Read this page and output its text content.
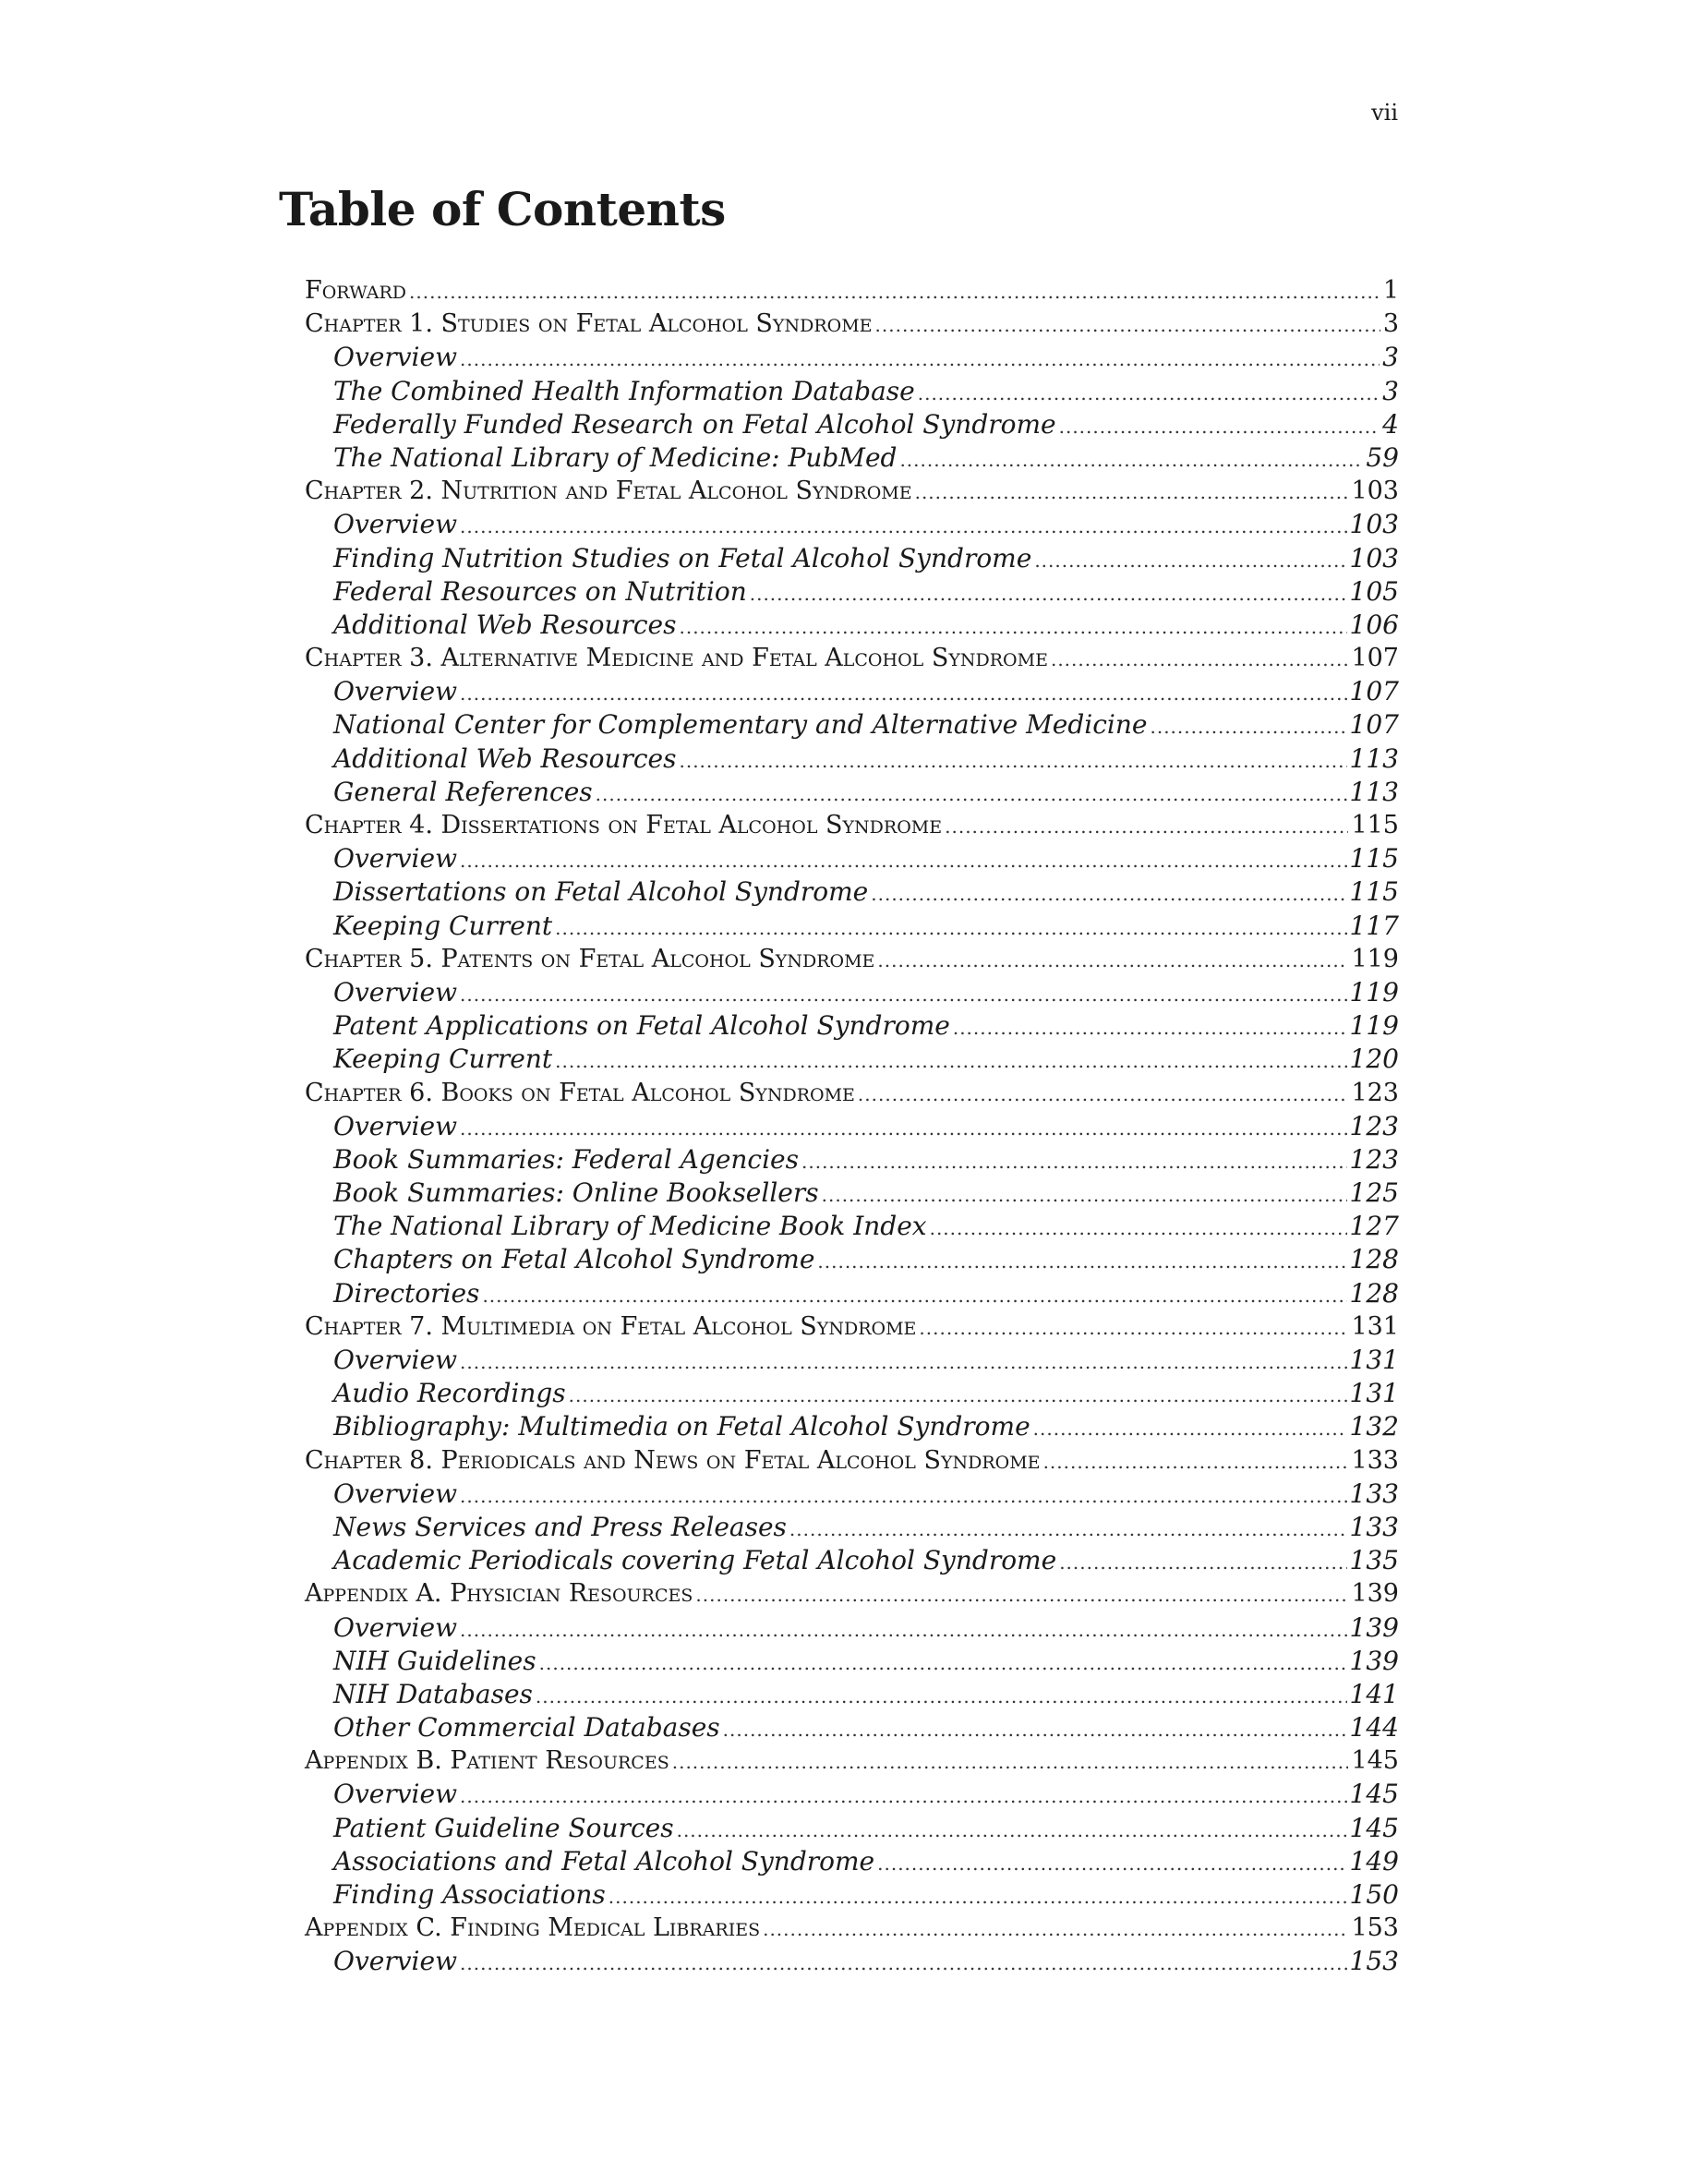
vii
Table of Contents
Forward .....	1
Chapter 1. Studies on Fetal Alcohol Syndrome .....	3
Overview .....	3
The Combined Health Information Database .....	3
Federally Funded Research on Fetal Alcohol Syndrome .....	4
The National Library of Medicine: PubMed .....	59
Chapter 2. Nutrition and Fetal Alcohol Syndrome .....	103
Overview .....	103
Finding Nutrition Studies on Fetal Alcohol Syndrome .....	103
Federal Resources on Nutrition .....	105
Additional Web Resources .....	106
Chapter 3. Alternative Medicine and Fetal Alcohol Syndrome .....	107
Overview .....	107
National Center for Complementary and Alternative Medicine .....	107
Additional Web Resources .....	113
General References .....	113
Chapter 4. Dissertations on Fetal Alcohol Syndrome .....	115
Overview .....	115
Dissertations on Fetal Alcohol Syndrome .....	115
Keeping Current .....	117
Chapter 5. Patents on Fetal Alcohol Syndrome .....	119
Overview .....	119
Patent Applications on Fetal Alcohol Syndrome .....	119
Keeping Current .....	120
Chapter 6. Books on Fetal Alcohol Syndrome .....	123
Overview .....	123
Book Summaries: Federal Agencies .....	123
Book Summaries: Online Booksellers .....	125
The National Library of Medicine Book Index .....	127
Chapters on Fetal Alcohol Syndrome .....	128
Directories .....	128
Chapter 7. Multimedia on Fetal Alcohol Syndrome .....	131
Overview .....	131
Audio Recordings .....	131
Bibliography: Multimedia on Fetal Alcohol Syndrome .....	132
Chapter 8. Periodicals and News on Fetal Alcohol Syndrome .....	133
Overview .....	133
News Services and Press Releases .....	133
Academic Periodicals covering Fetal Alcohol Syndrome .....	135
Appendix A. Physician Resources .....	139
Overview .....	139
NIH Guidelines .....	139
NIH Databases .....	141
Other Commercial Databases .....	144
Appendix B. Patient Resources .....	145
Overview .....	145
Patient Guideline Sources .....	145
Associations and Fetal Alcohol Syndrome .....	149
Finding Associations .....	150
Appendix C. Finding Medical Libraries .....	153
Overview .....	153
